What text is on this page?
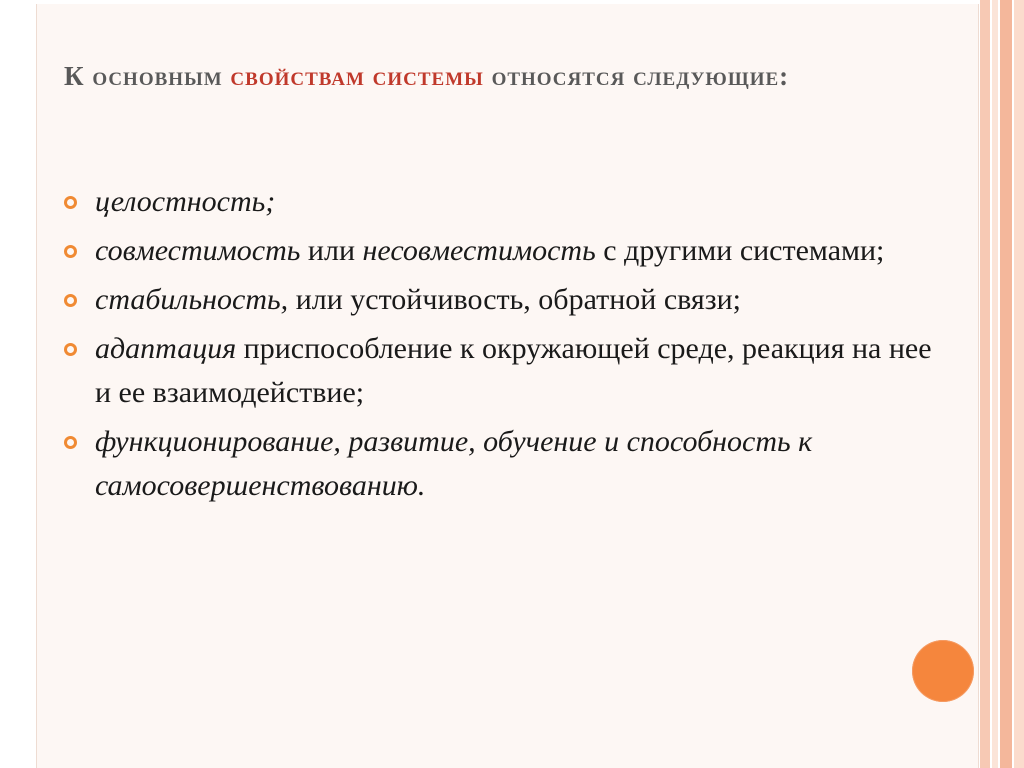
К основным свойствам системы относятся следующие:
целостность;
совместимость или несовместимость с другими системами;
стабильность, или устойчивость, обратной связи;
адаптация приспособление к окружающей среде, реакция на нее и ее взаимодействие;
функционирование, развитие, обучение и способность к самосовершенствованию.
